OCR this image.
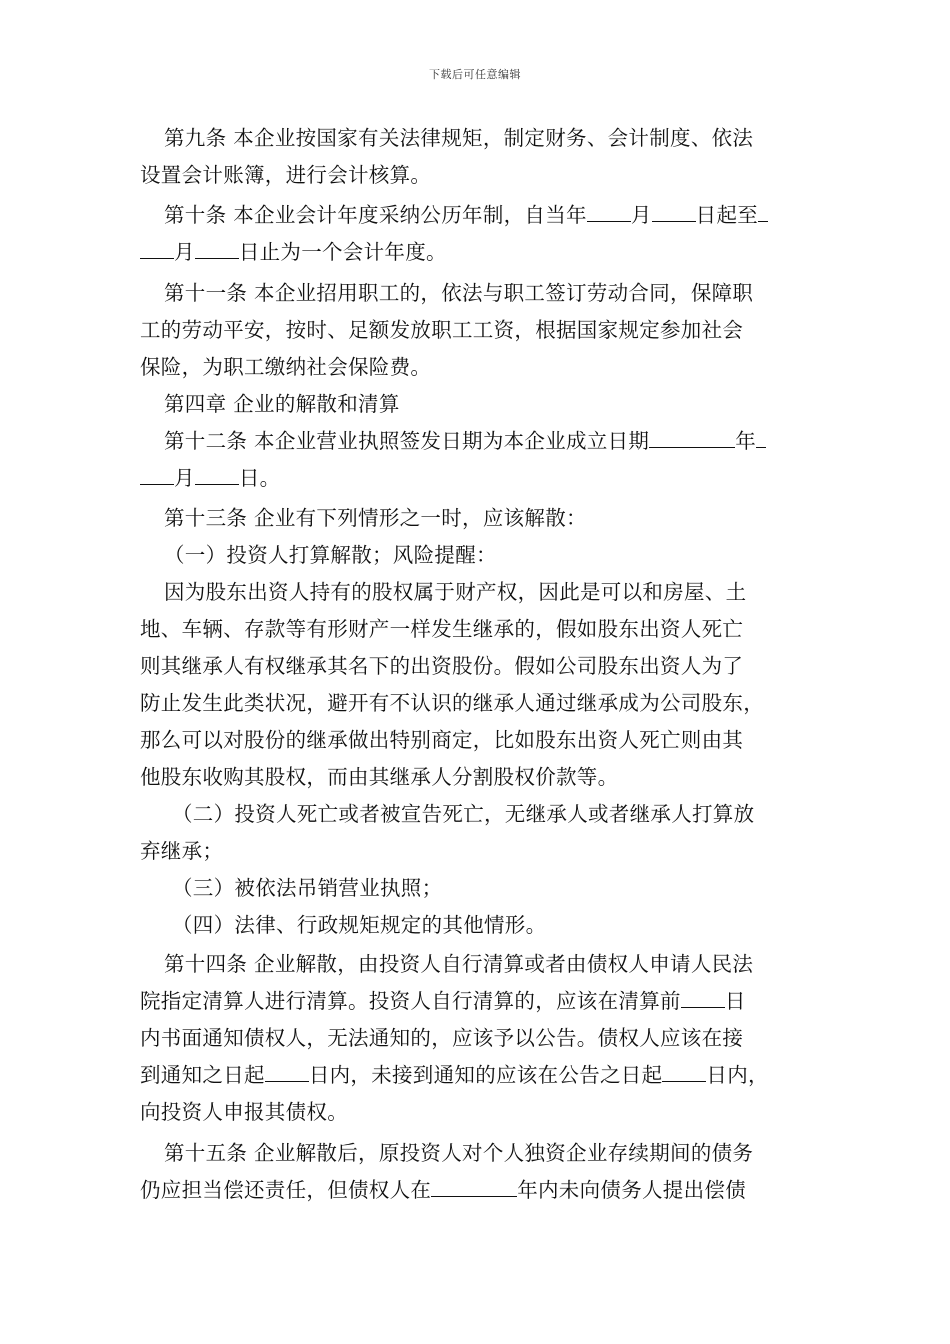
下载后可任意编辑
第九条 本企业按国家有关法律规矩，制定财务、会计制度、依法
设置会计账簿，进行会计核算。
第十条 本企业会计年度采纳公历年制，自当年 月 日起至
月 日止为一个会计年度。
第十一条 本企业招用职工的，依法与职工签订劳动合同，保障职
工的劳动平安，按时、足额发放职工工资，根据国家规定参加社会
保险，为职工缴纳社会保险费。
第四章 企业的解散和清算
第十二条 本企业营业执照签发日期为本企业成立日期	年
月 日。
第十三条 企业有下列情形之一时，应该解散：
（一）投资人打算解散；风险提醒：
因为股东出资人持有的股权属于财产权，因此是可以和房屋、土
地、车辆、存款等有形财产一样发生继承的，假如股东出资人死亡
则其继承人有权继承其名下的出资股份。假如公司股东出资人为了
防止发生此类状况，避开有不认识的继承人通过继承成为公司股东，
那么可以对股份的继承做出特别商定，比如股东出资人死亡则由其
他股东收购其股权，而由其继承人分割股权价款等。
（二）投资人死亡或者被宣告死亡，无继承人或者继承人打算放
弃继承；
（三）被依法吊销营业执照；
（四）法律、行政规矩规定的其他情形。
第十四条 企业解散，由投资人自行清算或者由债权人申请人民法
院指定清算人进行清算。投资人自行清算的，应该在清算前 日
内书面通知债权人，无法通知的，应该予以公告。债权人应该在接
到通知之日起 日内，未接到通知的应该在公告之日起 日内，
向投资人申报其债权。
第十五条 企业解散后，原投资人对个人独资企业存续期间的债务
仍应担当偿还责任，但债权人在	年内未向债务人提出偿债
